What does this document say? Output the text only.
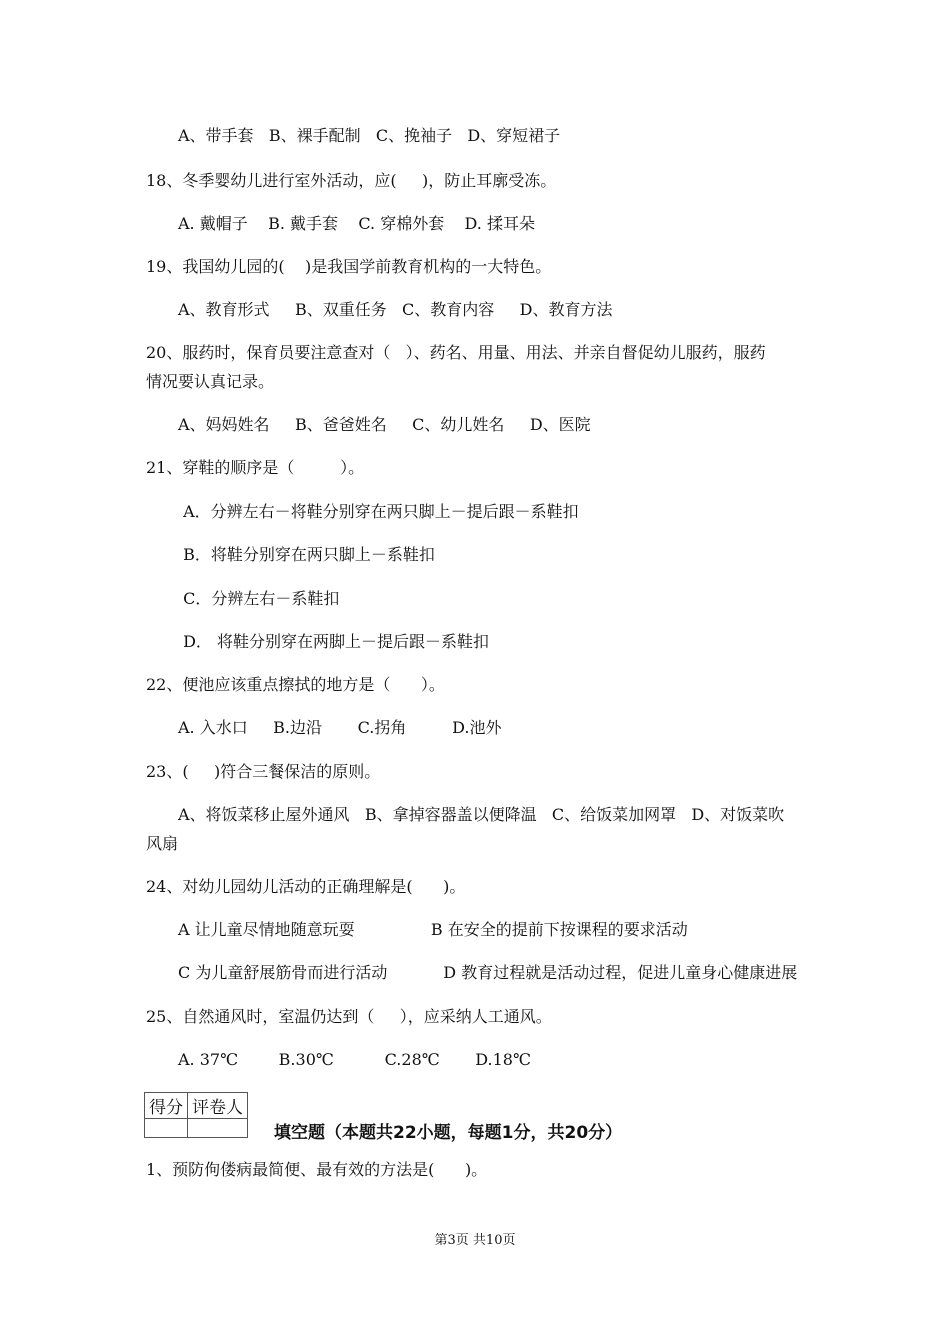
A、带手套   B、裸手配制   C、挽袖子   D、穿短裙子
18、冬季婴幼儿进行室外活动，应(     )，防止耳廓受冻。
A. 戴帽子    B. 戴手套    C. 穿棉外套    D. 揉耳朵
19、我国幼儿园的(    )是我国学前教育机构的一大特色。
A、教育形式     B、双重任务   C、教育内容     D、教育方法
20、服药时，保育员要注意查对（   ）、药名、用量、用法、并亲自督促幼儿服药，服药
情况要认真记录。
A、妈妈姓名     B、爸爸姓名     C、幼儿姓名     D、医院
21、穿鞋的顺序是（         ）。
A．分辨左右－将鞋分别穿在两只脚上－提后跟－系鞋扣
B．将鞋分别穿在两只脚上－系鞋扣
C．分辨左右－系鞋扣
D． 将鞋分别穿在两脚上－提后跟－系鞋扣
22、便池应该重点擦拭的地方是（      ）。
A. 入水口     B.边沿       C.拐角         D.池外
23、(     )符合三餐保洁的原则。
A、将饭菜移止屋外通风   B、拿掉容器盖以便降温   C、给饭菜加网罩   D、对饭菜吹
风扇
24、对幼儿园幼儿活动的正确理解是(      )。
A 让儿童尽情地随意玩耍               B 在安全的提前下按课程的要求活动
C 为儿童舒展筋骨而进行活动           D 教育过程就是活动过程，促进儿童身心健康进展
25、自然通风时，室温仍达到（     ），应采纳人工通风。
A. 37℃        B.30℃          C.28℃       D.18℃
得分	评卷人

填空题（本题共22小题，每题1分，共20分）
1、预防佝偻病最简便、最有效的方法是(      )。
第3页 共10页
